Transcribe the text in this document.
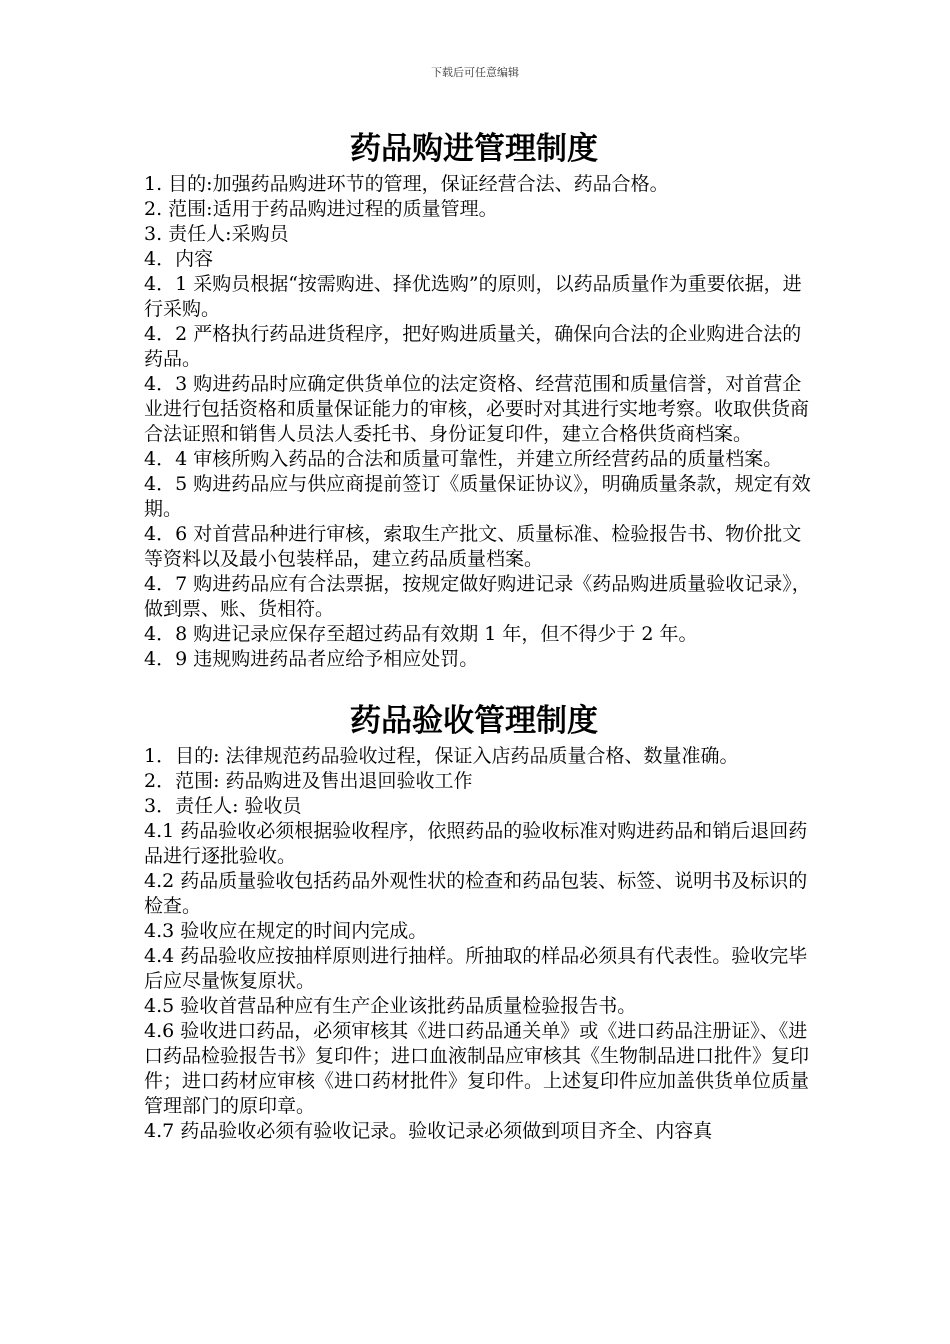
下载后可任意编辑
药品购进管理制度

1. 目的:加强药品购进环节的管理，保证经营合法、药品合格。

2. 范围:适用于药品购进过程的质量管理。

3. 责任人:采购员

4．内容

4．1 采购员根据“按需购进、择优选购”的原则，以药品质量作为重要依据，进行采购。

4．2 严格执行药品进货程序，把好购进质量关，确保向合法的企业购进合法的药品。

4．3 购进药品时应确定供货单位的法定资格、经营范围和质量信誉，对首营企业进行包括资格和质量保证能力的审核，必要时对其进行实地考察。收取供货商合法证照和销售人员法人委托书、身份证复印件，建立合格供货商档案。

4．4 审核所购入药品的合法和质量可靠性，并建立所经营药品的质量档案。

4．5 购进药品应与供应商提前签订《质量保证协议》，明确质量条款，规定有效期。

4．6 对首营品种进行审核，索取生产批文、质量标准、检验报告书、物价批文等资料以及最小包装样品，建立药品质量档案。

4．7 购进药品应有合法票据，按规定做好购进记录《药品购进质量验收记录》，做到票、账、货相符。

4．8 购进记录应保存至超过药品有效期 1 年，但不得少于 2 年。

4．9 违规购进药品者应给予相应处罚。

药品验收管理制度

1．目的: 法律规范药品验收过程，保证入店药品质量合格、数量准确。

2．范围: 药品购进及售出退回验收工作

3．责任人: 验收员

4.1 药品验收必须根据验收程序，依照药品的验收标准对购进药品和销后退回药品进行逐批验收。

4.2 药品质量验收包括药品外观性状的检查和药品包装、标签、说明书及标识的检查。

4.3 验收应在规定的时间内完成。

4.4 药品验收应按抽样原则进行抽样。所抽取的样品必须具有代表性。验收完毕后应尽量恢复原状。

4.5 验收首营品种应有生产企业该批药品质量检验报告书。

4.6 验收进口药品，必须审核其《进口药品通关单》或《进口药品注册证》、《进口药品检验报告书》复印件；进口血液制品应审核其《生物制品进口批件》复印件；进口药材应审核《进口药材批件》复印件。上述复印件应加盖供货单位质量管理部门的原印章。

4.7 药品验收必须有验收记录。验收记录必须做到项目齐全、内容真
